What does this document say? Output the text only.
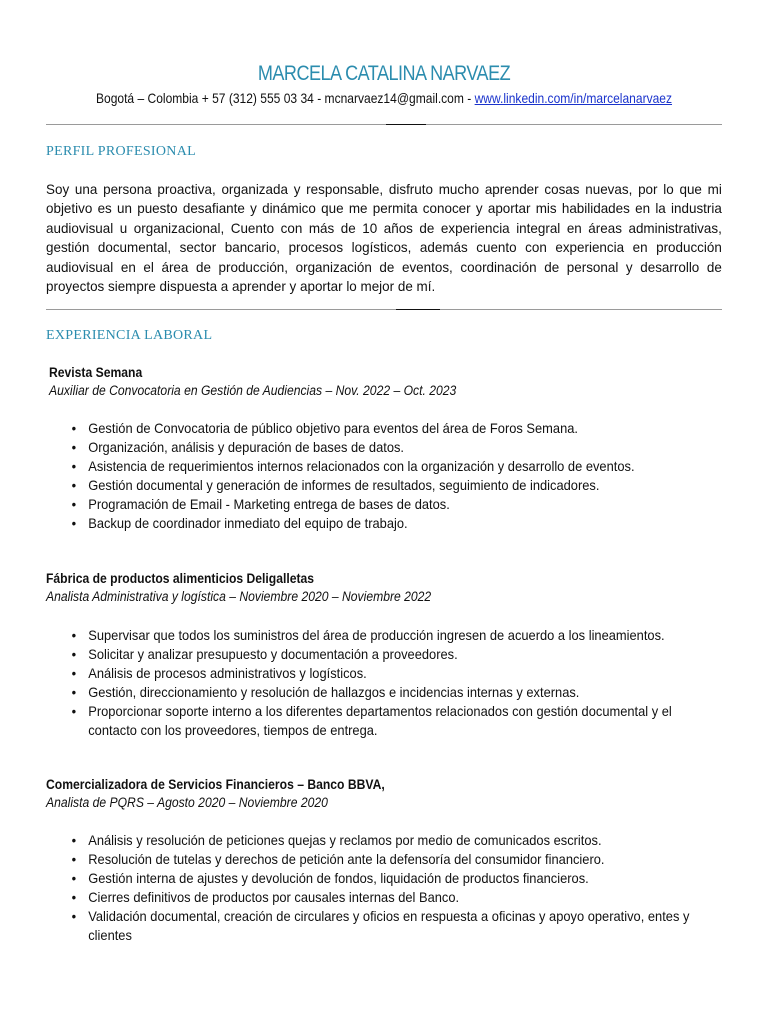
MARCELA CATALINA NARVAEZ
Bogotá – Colombia + 57 (312) 555 03 34 - mcnarvaez14@gmail.com - www.linkedin.com/in/marcelanarvaez
PERFIL PROFESIONAL
Soy una persona proactiva, organizada y responsable, disfruto mucho aprender cosas nuevas, por lo que mi objetivo es un puesto desafiante y dinámico que me permita conocer y aportar mis habilidades en la industria audiovisual u organizacional, Cuento con más de 10 años de experiencia integral en áreas administrativas, gestión documental, sector bancario, procesos logísticos, además cuento con experiencia en producción audiovisual en el área de producción, organización de eventos, coordinación de personal y desarrollo de proyectos siempre dispuesta a aprender y aportar lo mejor de mí.
EXPERIENCIA LABORAL
Revista Semana
Auxiliar de Convocatoria en Gestión de Audiencias – Nov. 2022 – Oct. 2023
• Gestión de Convocatoria de público objetivo para eventos del área de Foros Semana.
• Organización, análisis y depuración de bases de datos.
• Asistencia de requerimientos internos relacionados con la organización y desarrollo de eventos.
• Gestión documental y generación de informes de resultados, seguimiento de indicadores.
• Programación de Email - Marketing entrega de bases de datos.
• Backup de coordinador inmediato del equipo de trabajo.
Fábrica de productos alimenticios Deligalletas
Analista Administrativa y logística – Noviembre 2020 – Noviembre 2022
• Supervisar que todos los suministros del área de producción ingresen de acuerdo a los lineamientos.
• Solicitar y analizar presupuesto y documentación a proveedores.
• Análisis de procesos administrativos y logísticos.
• Gestión, direccionamiento y resolución de hallazgos e incidencias internas y externas.
• Proporcionar soporte interno a los diferentes departamentos relacionados con gestión documental y el contacto con los proveedores, tiempos de entrega.
Comercializadora de Servicios Financieros – Banco BBVA,
Analista de PQRS – Agosto 2020 – Noviembre 2020
• Análisis y resolución de peticiones quejas y reclamos por medio de comunicados escritos.
• Resolución de tutelas y derechos de petición ante la defensoría del consumidor financiero.
• Gestión interna de ajustes y devolución de fondos, liquidación de productos financieros.
• Cierres definitivos de productos por causales internas del Banco.
• Validación documental, creación de circulares y oficios en respuesta a oficinas y apoyo operativo, entes y clientes
